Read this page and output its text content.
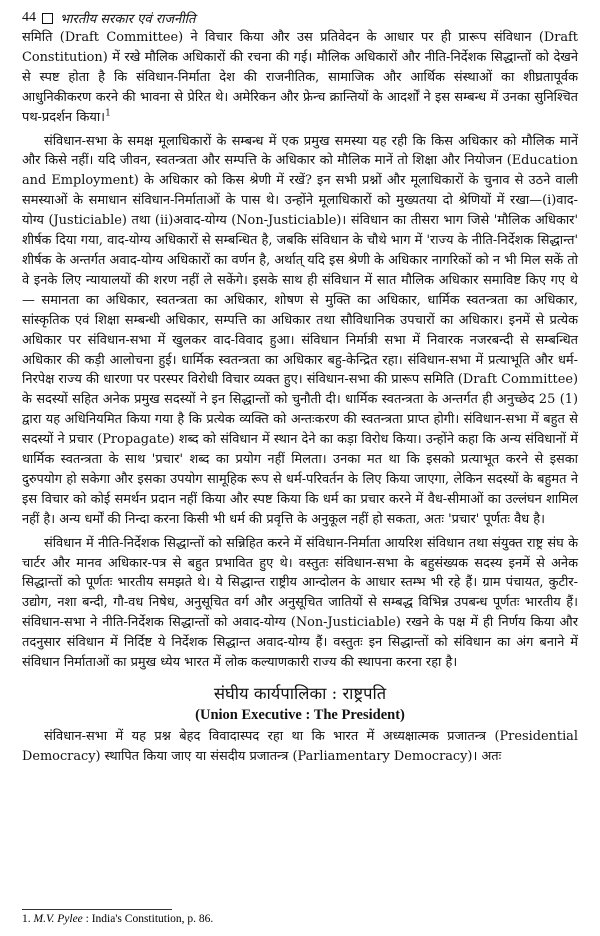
44 भारतीय सरकार एवं राजनीति

समिति (Draft Committee) ने विचार किया और उस प्रतिवेदन के आधार पर ही प्रारूप संविधान (Draft Constitution) में रखे मौलिक अधिकारों की रचना की गई। मौलिक अधिकारों और नीति-निर्देशक सिद्धान्तों को देखने से स्पष्ट होता है कि संविधान-निर्माता देश की राजनीतिक, सामाजिक और आर्थिक संस्थाओं का शीघ्रतापूर्वक आधुनिकीकरण करने की भावना से प्रेरित थे। अमेरिकन और फ्रेन्च क्रान्तियों के आदर्शों ने इस सम्बन्ध में उनका सुनिश्चित पथ-प्रदर्शन किया।$^1$

संविधान-सभा के समक्ष मूलाधिकारों के सम्बन्ध में एक प्रमुख समस्या यह रही कि किस अधिकार को मौलिक मानें और किसे नहीं। यदि जीवन, स्वतन्त्रता और सम्पत्ति के अधिकार को मौलिक मानें तो शिक्षा और नियोजन (Education and Employment) के अधिकार को किस श्रेणी में रखें? इन सभी प्रश्नों और मूलाधिकारों के चुनाव से उठने वाली समस्याओं के समाधान संविधान-निर्माताओं के पास थे। उन्होंने मूलाधिकारों को मुख्यतया दो श्रेणियों में रखा—(i)वाद-योग्य (Justiciable) तथा (ii)अवाद-योग्य (Non-Justiciable)। संविधान का तीसरा भाग जिसे 'मौलिक अधिकार' शीर्षक दिया गया, वाद-योग्य अधिकारों से सम्बन्धित है, जबकि संविधान के चौथे भाग में 'राज्य के नीति-निर्देशक सिद्धान्त' शीर्षक के अन्तर्गत अवाद-योग्य अधिकारों का वर्णन है, अर्थात् यदि इस श्रेणी के अधिकार नागरिकों को न भी मिल सकें तो वे इनके लिए न्यायालयों की शरण नहीं ले सकेंगे। इसके साथ ही संविधान में सात मौलिक अधिकार समाविष्ट किए गए थे— समानता का अधिकार, स्वतन्त्रता का अधिकार, शोषण से मुक्ति का अधिकार, धार्मिक स्वतन्त्रता का अधिकार, सांस्कृतिक एवं शिक्षा सम्बन्धी अधिकार, सम्पत्ति का अधिकार तथा सौविधानिक उपचारों का अधिकार। इनमें से प्रत्येक अधिकार पर संविधान-सभा में खुलकर वाद-विवाद हुआ। संविधान निर्मात्री सभा में निवारक नजरबन्दी से सम्बन्धित अधिकार की कड़ी आलोचना हुई। धार्मिक स्वतन्त्रता का अधिकार बहु-केन्द्रित रहा। संविधान-सभा में प्रत्याभूति और धर्म-निरपेक्ष राज्य की धारणा पर परस्पर विरोधी विचार व्यक्त हुए। संविधान-सभा की प्रारूप समिति (Draft Committee) के सदस्यों सहित अनेक प्रमुख सदस्यों ने इन सिद्धान्तों को चुनौती दी। धार्मिक स्वतन्त्रता के अन्तर्गत ही अनुच्छेद 25 (1) द्वारा यह अधिनियमित किया गया है कि प्रत्येक व्यक्ति को अन्तःकरण की स्वतन्त्रता प्राप्त होगी। संविधान-सभा में बहुत से सदस्यों ने प्रचार (Propagate) शब्द को संविधान में स्थान देने का कड़ा विरोध किया। उन्होंने कहा कि अन्य संविधानों में धार्मिक स्वतन्त्रता के साथ 'प्रचार' शब्द का प्रयोग नहीं मिलता। उनका मत था कि इसको प्रत्याभूत करने से इसका दुरुपयोग हो सकेगा और इसका उपयोग सामूहिक रूप से धर्म-परिवर्तन के लिए किया जाएगा, लेकिन सदस्यों के बहुमत ने इस विचार को कोई समर्थन प्रदान नहीं किया और स्पष्ट किया कि धर्म का प्रचार करने में वैध-सीमाओं का उल्लंघन शामिल नहीं है। अन्य धर्मों की निन्दा करना किसी भी धर्म की प्रवृत्ति के अनुकूल नहीं हो सकता, अतः 'प्रचार' पूर्णतः वैध है।

संविधान में नीति-निर्देशक सिद्धान्तों को सन्निहित करने में संविधान-निर्माता आयरिश संविधान तथा संयुक्त राष्ट्र संघ के चार्टर और मानव अधिकार-पत्र से बहुत प्रभावित हुए थे। वस्तुतः संविधान-सभा के बहुसंख्यक सदस्य इनमें से अनेक सिद्धान्तों को पूर्णतः भारतीय समझते थे। ये सिद्धान्त राष्ट्रीय आन्दोलन के आधार स्तम्भ भी रहे हैं। ग्राम पंचायत, कुटीर-उद्योग, नशा बन्दी, गौ-वध निषेध, अनुसूचित वर्ग और अनुसूचित जातियों से सम्बद्ध विभिन्न उपबन्ध पूर्णतः भारतीय हैं। संविधान-सभा ने नीति-निर्देशक सिद्धान्तों को अवाद-योग्य (Non-Justiciable) रखने के पक्ष में ही निर्णय किया और तदनुसार संविधान में निर्दिष्ट ये निर्देशक सिद्धान्त अवाद-योग्य हैं। वस्तुतः इन सिद्धान्तों को संविधान का अंग बनाने में संविधान निर्माताओं का प्रमुख ध्येय भारत में लोक कल्याणकारी राज्य की स्थापना करना रहा है।

संघीय कार्यपालिका : राष्ट्रपति
(Union Executive : The President)

संविधान-सभा में यह प्रश्न बेहद विवादास्पद रहा था कि भारत में अध्यक्षात्मक प्रजातन्त्र (Presidential Democracy) स्थापित किया जाए या संसदीय प्रजातन्त्र (Parliamentary Democracy)। अतः

1. M.V. Pylee : India's Constitution, p. 86.
